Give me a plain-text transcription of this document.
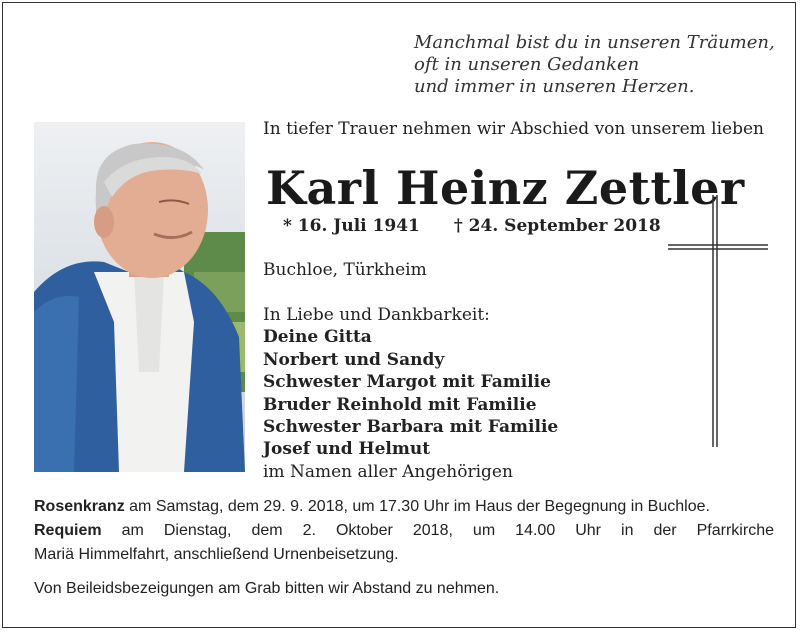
Manchmal bist du in unseren Träumen,
oft in unseren Gedanken
und immer in unseren Herzen.
In tiefer Trauer nehmen wir Abschied von unserem lieben
Karl Heinz Zettler
* 16. Juli 1941 † 24. September 2018
Buchloe, Türkheim
In Liebe und Dankbarkeit:
Deine Gitta
Norbert und Sandy
Schwester Margot mit Familie
Bruder Reinhold mit Familie
Schwester Barbara mit Familie
Josef und Helmut
im Namen aller Angehörigen
Rosenkranz am Samstag, dem 29. 9. 2018, um 17.30 Uhr im Haus der Begegnung in Buchloe.
Requiem am Dienstag, dem 2. Oktober 2018, um 14.00 Uhr in der Pfarrkirche
Mariä Himmelfahrt, anschließend Urnenbeisetzung.
Von Beileidsbezeigungen am Grab bitten wir Abstand zu nehmen.
